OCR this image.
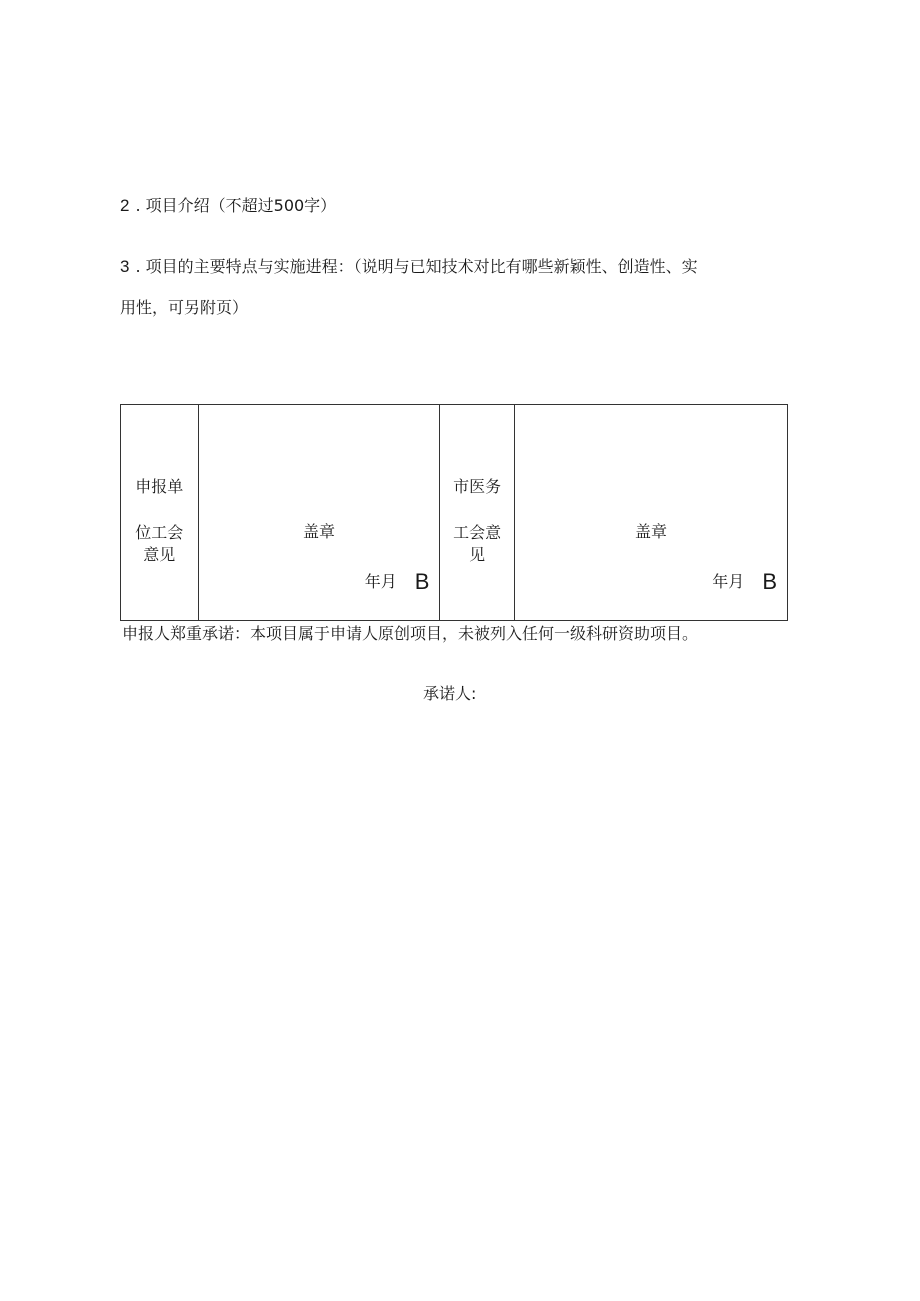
2 . 项目介绍（不超过500字）
3 . 项目的主要特点与实施进程：（说明与已知技术对比有哪些新颖性、创造性、实
用性，可另附页）
申报单
位工会
意见

盖章
年月 B

市医务
工会意
见

盖章
年月 B
申报人郑重承诺：本项目属于申请人原创项目，未被列入任何一级科研资助项目。
承诺人:
